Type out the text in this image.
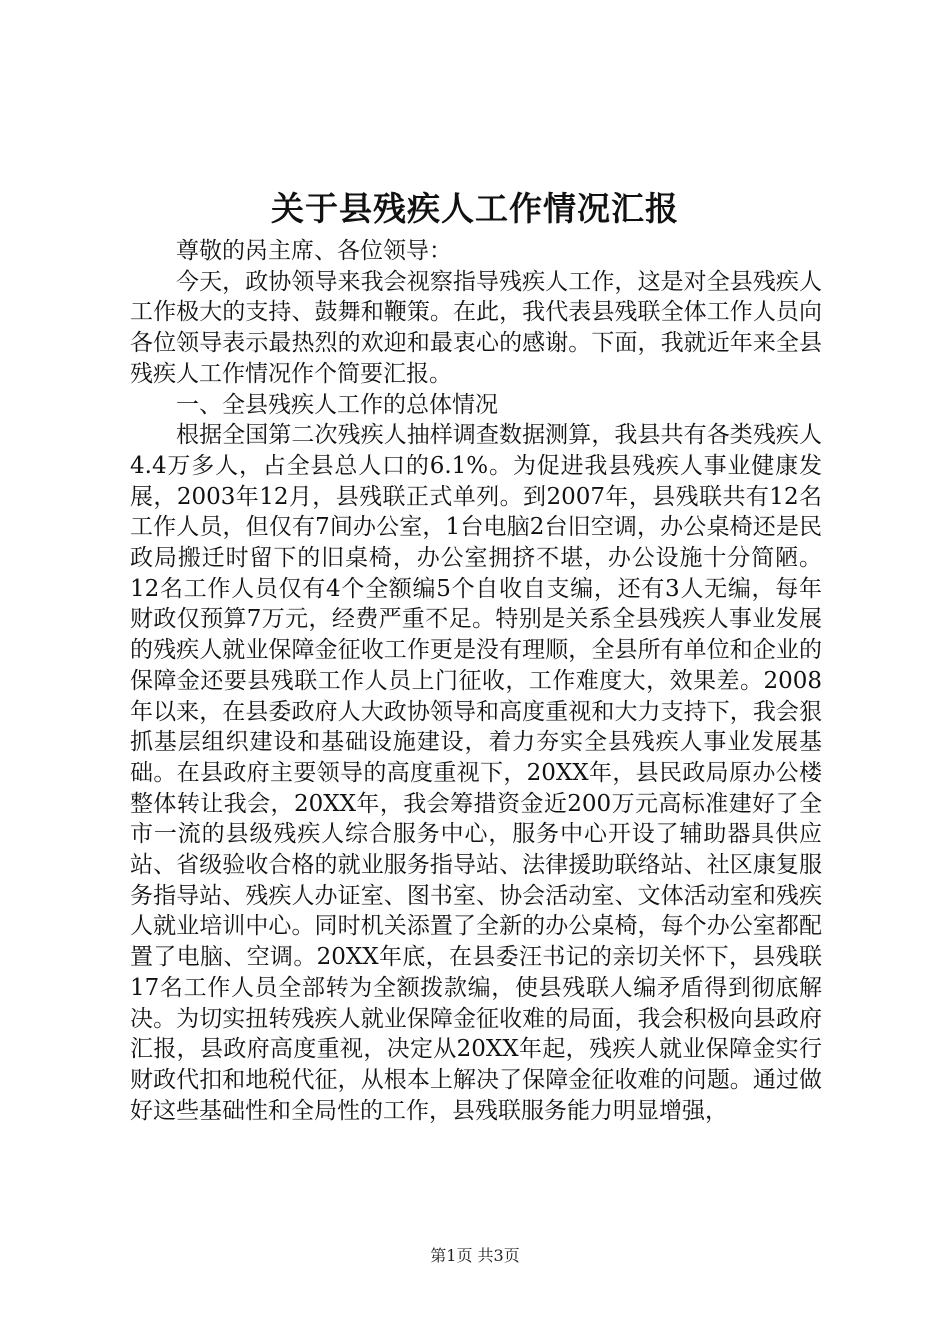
关于县残疾人工作情况汇报

尊敬的呙主席、各位领导：

今天，政协领导来我会视察指导残疾人工作，这是对全县残疾人工作极大的支持、鼓舞和鞭策。在此，我代表县残联全体工作人员向各位领导表示最热烈的欢迎和最衷心的感谢。下面，我就近年来全县残疾人工作情况作个简要汇报。

一、全县残疾人工作的总体情况

根据全国第二次残疾人抽样调查数据测算，我县共有各类残疾人4.4万多人，占全县总人口的6.1%。为促进我县残疾人事业健康发展，2003年12月，县残联正式单列。到2007年，县残联共有12名工作人员，但仅有7间办公室，1台电脑2台旧空调，办公桌椅还是民政局搬迁时留下的旧桌椅，办公室拥挤不堪，办公设施十分简陋。12名工作人员仅有4个全额编5个自收自支编，还有3人无编，每年财政仅预算7万元，经费严重不足。特别是关系全县残疾人事业发展的残疾人就业保障金征收工作更是没有理顺，全县所有单位和企业的保障金还要县残联工作人员上门征收，工作难度大，效果差。2008年以来，在县委政府人大政协领导和高度重视和大力支持下，我会狠抓基层组织建设和基础设施建设，着力夯实全县残疾人事业发展基础。在县政府主要领导的高度重视下，20XX年，县民政局原办公楼整体转让我会，20XX年，我会筹措资金近200万元高标准建好了全市一流的县级残疾人综合服务中心，服务中心开设了辅助器具供应站、省级验收合格的就业服务指导站、法律援助联络站、社区康复服务指导站、残疾人办证室、图书室、协会活动室、文体活动室和残疾人就业培训中心。同时机关添置了全新的办公桌椅，每个办公室都配置了电脑、空调。20XX年底，在县委汪书记的亲切关怀下，县残联17名工作人员全部转为全额拨款编，使县残联人编矛盾得到彻底解决。为切实扭转残疾人就业保障金征收难的局面，我会积极向县政府汇报，县政府高度重视，决定从20XX年起，残疾人就业保障金实行财政代扣和地税代征，从根本上解决了保障金征收难的问题。通过做好这些基础性和全局性的工作，县残联服务能力明显增强，

第1页 共3页
